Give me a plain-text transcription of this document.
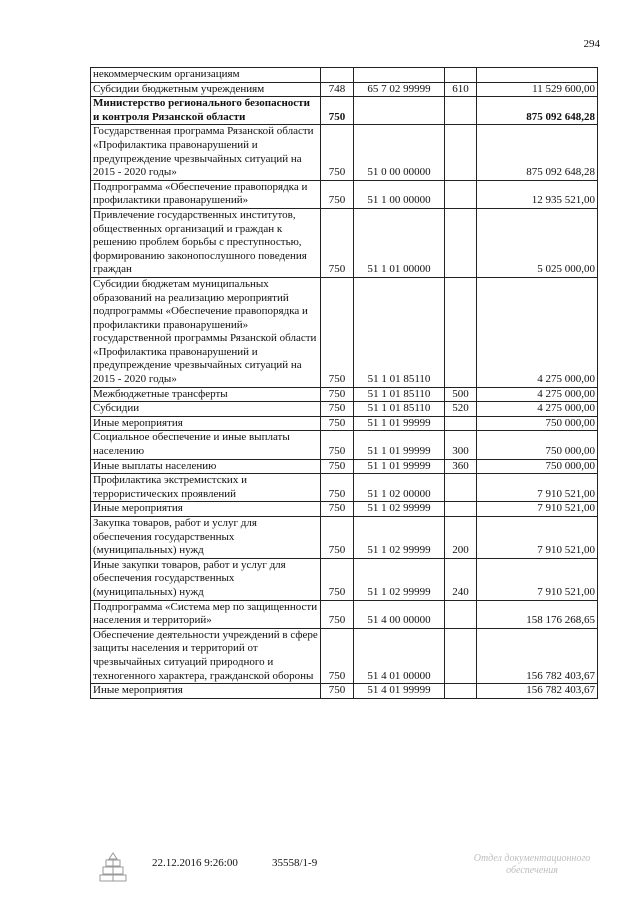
294
некоммерческим организациям				
Субсидии бюджетным учреждениям	748	65 7 02 99999	610	11 529 600,00
Министерство регионального безопасности и контроля Рязанской области	750			875 092 648,28
Государственная программа Рязанской области «Профилактика правонарушений и предупреждение чрезвычайных ситуаций на 2015 - 2020 годы»	750	51 0 00 00000		875 092 648,28
Подпрограмма «Обеспечение правопорядка и профилактики правонарушений»	750	51 1 00 00000		12 935 521,00
Привлечение государственных институтов, общественных организаций и граждан к решению проблем борьбы с преступностью, формированию законопослушного поведения граждан	750	51 1 01 00000		5 025 000,00
Субсидии бюджетам муниципальных образований на реализацию мероприятий подпрограммы «Обеспечение правопорядка и профилактики правонарушений» государственной программы Рязанской области «Профилактика правонарушений и предупреждение чрезвычайных ситуаций на 2015 - 2020 годы»	750	51 1 01 85110		4 275 000,00
Межбюджетные трансферты	750	51 1 01 85110	500	4 275 000,00
Субсидии	750	51 1 01 85110	520	4 275 000,00
Иные мероприятия	750	51 1 01 99999		750 000,00
Социальное обеспечение и иные выплаты населению	750	51 1 01 99999	300	750 000,00
Иные выплаты населению	750	51 1 01 99999	360	750 000,00
Профилактика экстремистских и террористических проявлений	750	51 1 02 00000		7 910 521,00
Иные мероприятия	750	51 1 02 99999		7 910 521,00
Закупка товаров, работ и услуг для обеспечения государственных (муниципальных) нужд	750	51 1 02 99999	200	7 910 521,00
Иные закупки товаров, работ и услуг для обеспечения государственных (муниципальных) нужд	750	51 1 02 99999	240	7 910 521,00
Подпрограмма «Система мер по защищенности населения и территорий»	750	51 4 00 00000		158 176 268,65
Обеспечение деятельности учреждений в сфере защиты населения и территорий от чрезвычайных ситуаций природного и техногенного характера, гражданской обороны	750	51 4 01 00000		156 782 403,67
Иные мероприятия	750	51 4 01 99999		156 782 403,67
22.12.2016 9:26:00	35558/1-9	Отдел документационного обеспечения
